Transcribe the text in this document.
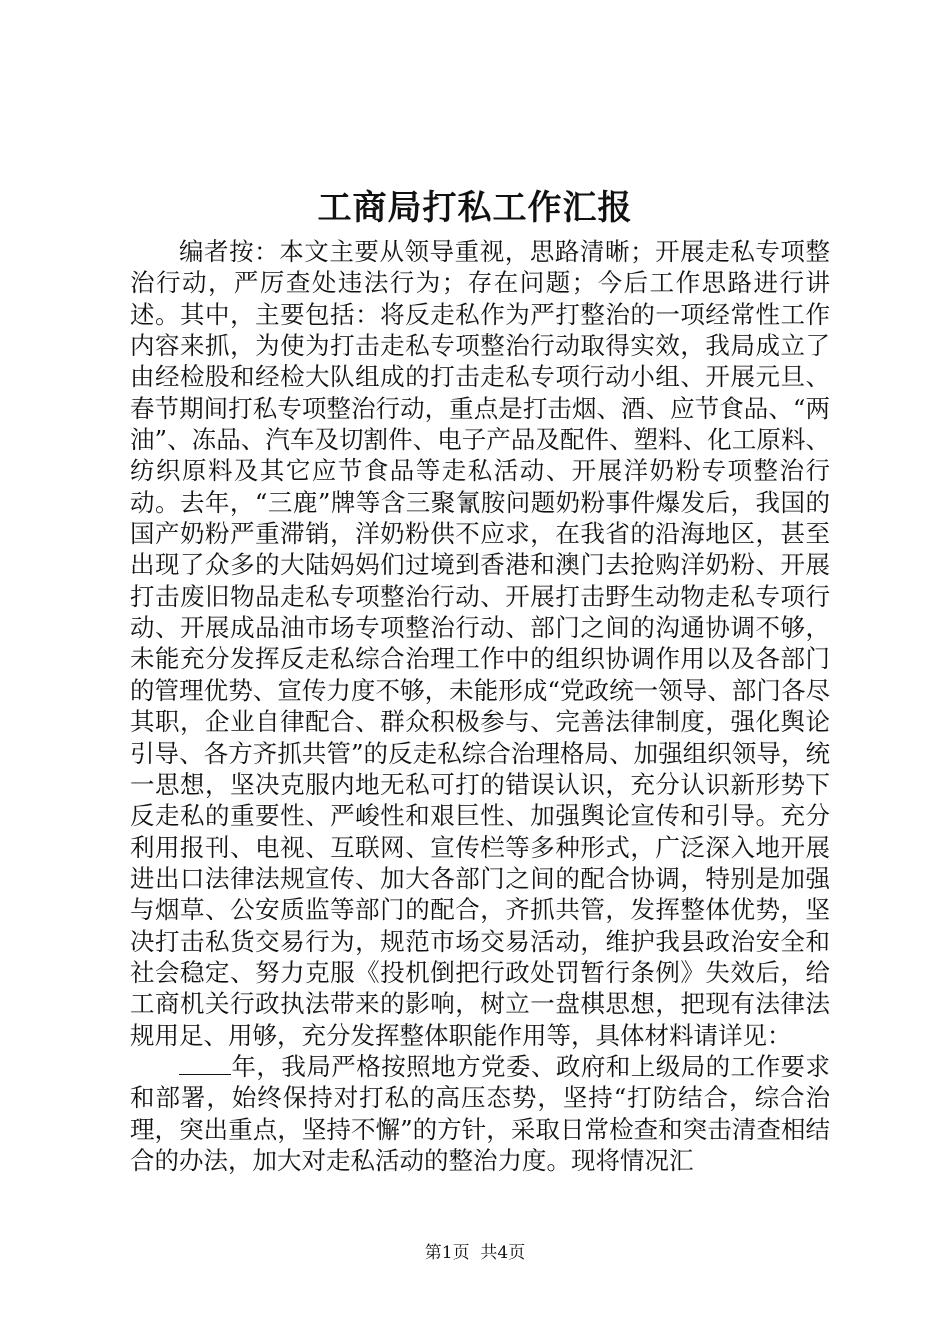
工商局打私工作汇报

编者按：本文主要从领导重视，思路清晰；开展走私专项整治行动，严厉查处违法行为；存在问题；今后工作思路进行讲述。其中，主要包括：将反走私作为严打整治的一项经常性工作内容来抓，为使为打击走私专项整治行动取得实效，我局成立了由经检股和经检大队组成的打击走私专项行动小组、开展元旦、春节期间打私专项整治行动，重点是打击烟、酒、应节食品、“两油”、冻品、汽车及切割件、电子产品及配件、塑料、化工原料、纺织原料及其它应节食品等走私活动、开展洋奶粉专项整治行动。去年，“三鹿”牌等含三聚氰胺问题奶粉事件爆发后，我国的国产奶粉严重滞销，洋奶粉供不应求，在我省的沿海地区，甚至出现了众多的大陆妈妈们过境到香港和澳门去抢购洋奶粉、开展打击废旧物品走私专项整治行动、开展打击野生动物走私专项行动、开展成品油市场专项整治行动、部门之间的沟通协调不够，未能充分发挥反走私综合治理工作中的组织协调作用以及各部门的管理优势、宣传力度不够，未能形成“党政统一领导、部门各尽其职，企业自律配合、群众积极参与、完善法律制度，强化舆论引导、各方齐抓共管”的反走私综合治理格局、加强组织领导，统一思想，坚决克服内地无私可打的错误认识，充分认识新形势下反走私的重要性、严峻性和艰巨性、加强舆论宣传和引导。充分利用报刊、电视、互联网、宣传栏等多种形式，广泛深入地开展进出口法律法规宣传、加大各部门之间的配合协调，特别是加强与烟草、公安质监等部门的配合，齐抓共管，发挥整体优势，坚决打击私货交易行为，规范市场交易活动，维护我县政治安全和社会稳定、努力克服《投机倒把行政处罚暂行条例》失效后，给工商机关行政执法带来的影响，树立一盘棋思想，把现有法律法规用足、用够，充分发挥整体职能作用等，具体材料请详见：

年，我局严格按照地方党委、政府和上级局的工作要求和部署，始终保持对打私的高压态势，坚持“打防结合，综合治理，突出重点，坚持不懈”的方针，采取日常检查和突击清查相结合的办法，加大对走私活动的整治力度。现将情况汇

第1页 共4页
